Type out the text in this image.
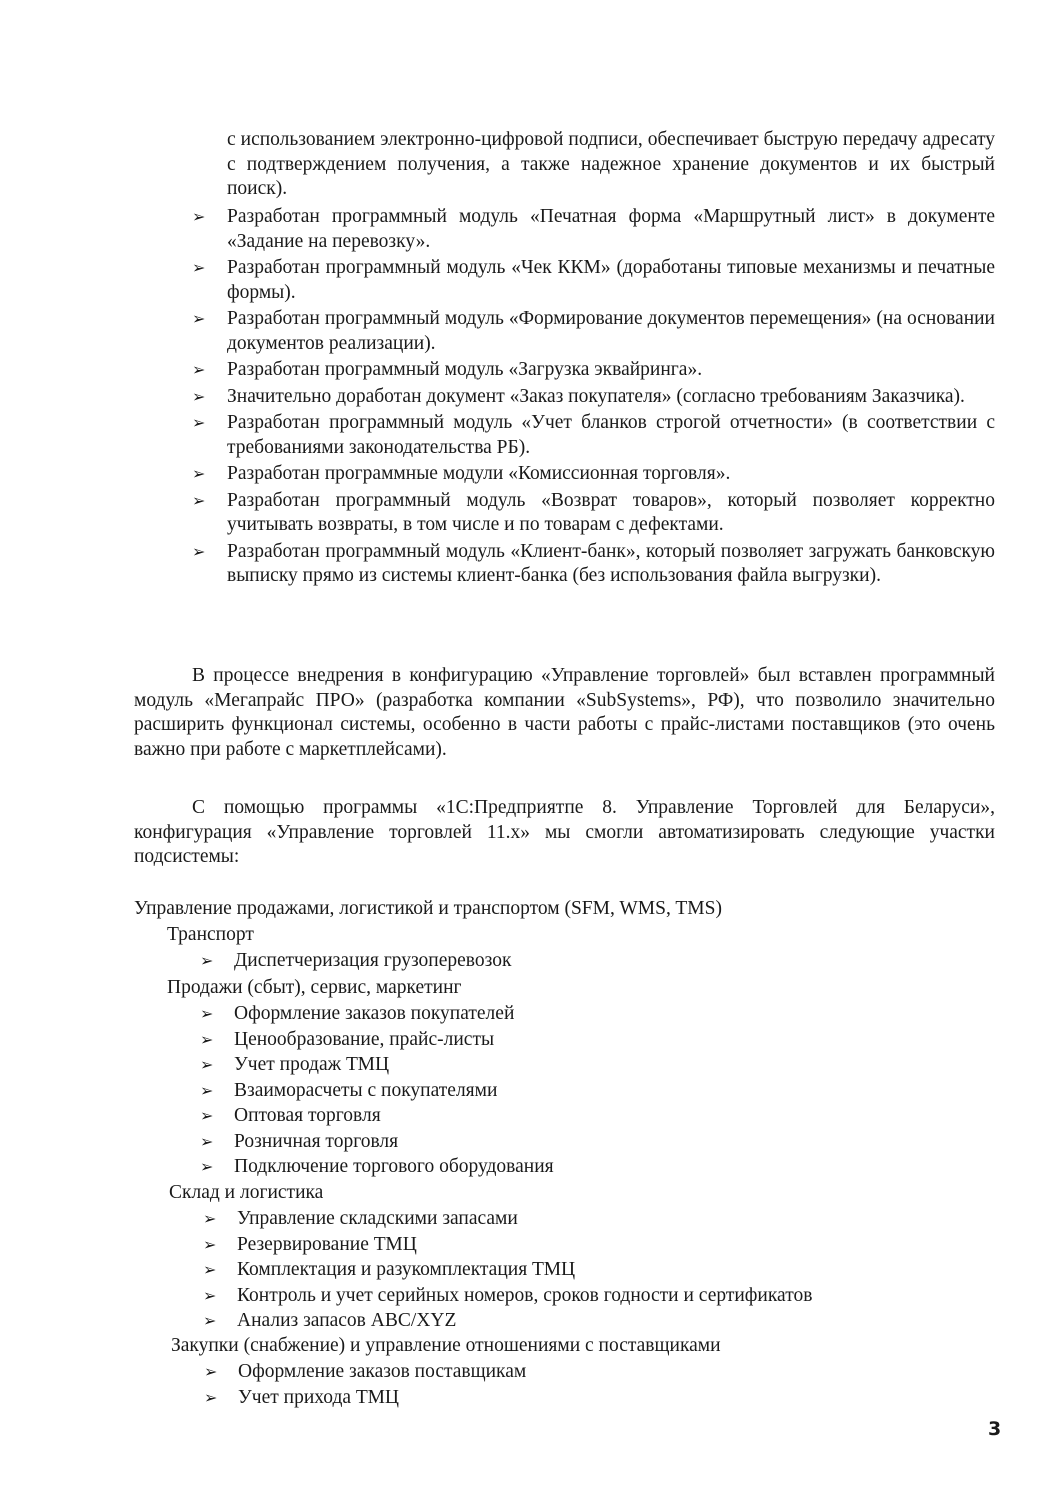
с использованием электронно-цифровой подписи, обеспечивает быструю передачу адресату с подтверждением получения, а также надежное хранение документов и их быстрый поиск).

➢ Разработан программный модуль «Печатная форма «Маршрутный лист» в документе «Задание на перевозку».
➢ Разработан программный модуль «Чек ККМ» (доработаны типовые механизмы и печатные формы).
➢ Разработан программный модуль «Формирование документов перемещения» (на основании документов реализации).
➢ Разработан программный модуль «Загрузка эквайринга».
➢ Значительно доработан документ «Заказ покупателя» (согласно требованиям Заказчика).
➢ Разработан программный модуль «Учет бланков строгой отчетности» (в соответствии с требованиями законодательства РБ).
➢ Разработан программные модули «Комиссионная торговля».
➢ Разработан программный модуль «Возврат товаров», который позволяет корректно учитывать возвраты, в том числе и по товарам с дефектами.
➢ Разработан программный модуль «Клиент-банк», который позволяет загружать банковскую выписку прямо из системы клиент-банка (без использования файла выгрузки).

В процессе внедрения в конфигурацию «Управление торговлей» был вставлен программный модуль «Мегапрайс ПРО» (разработка компании «SubSystems», РФ), что позволило значительно расширить функционал системы, особенно в части работы с прайс-листами поставщиков (это очень важно при работе с маркетплейсами).

С помощью программы «1С:Предприятпе 8. Управление Торговлей для Беларуси», конфигурация «Управление торговлей 11.x» мы смогли автоматизировать следующие участки подсистемы:

Управление продажами, логистикой и транспортом (SFM, WMS, TMS)

Транспорт

➢ Диспетчеризация грузоперевозок

Продажи (сбыт), сервис, маркетинг

➢ Оформление заказов покупателей
➢ Ценообразование, прайс-листы
➢ Учет продаж ТМЦ
➢ Взаиморасчеты с покупателями
➢ Оптовая торговля
➢ Розничная торговля
➢ Подключение торгового оборудования

Склад и логистика

➢ Управление складскими запасами
➢ Резервирование ТМЦ
➢ Комплектация и разукомплектация ТМЦ
➢ Контроль и учет серийных номеров, сроков годности и сертификатов
➢ Анализ запасов ABC/XYZ

Закупки (снабжение) и управление отношениями с поставщиками

➢ Оформление заказов поставщикам
➢ Учет прихода ТМЦ
3
